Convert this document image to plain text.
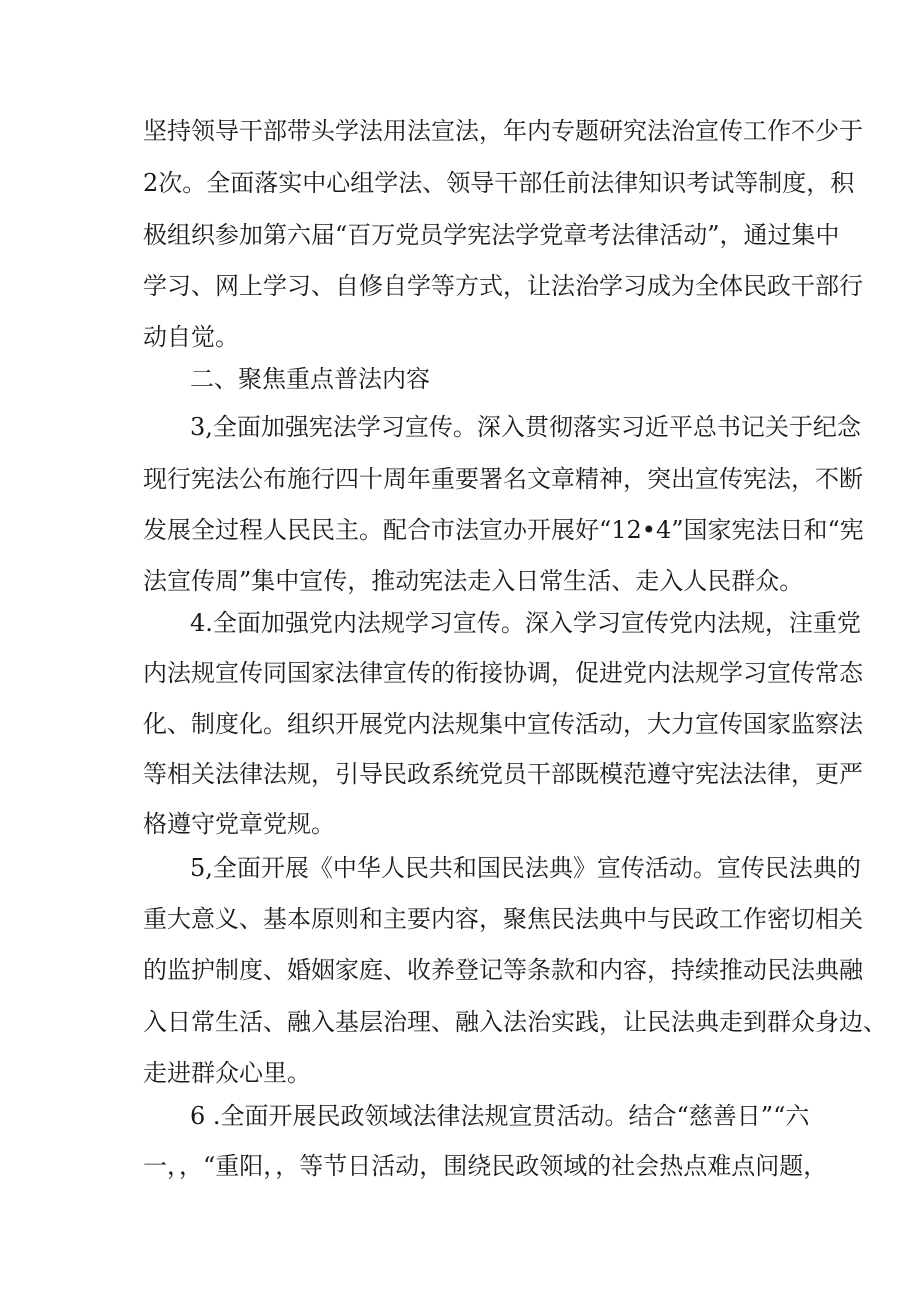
坚持领导干部带头学法用法宣法，年内专题研究法治宣传工作不少于
2次。全面落实中心组学法、领导干部任前法律知识考试等制度，积
极组织参加第六届“百万党员学宪法学党章考法律活动”，通过集中
学习、网上学习、自修自学等方式，让法治学习成为全体民政干部行
动自觉。
二、聚焦重点普法内容
3,全面加强宪法学习宣传。深入贯彻落实习近平总书记关于纪念
现行宪法公布施行四十周年重要署名文章精神，突出宣传宪法，不断
发展全过程人民民主。配合市法宣办开展好“12•4”国家宪法日和“宪
法宣传周”集中宣传，推动宪法走入日常生活、走入人民群众。
4.全面加强党内法规学习宣传。深入学习宣传党内法规，注重党
内法规宣传同国家法律宣传的衔接协调，促进党内法规学习宣传常态
化、制度化。组织开展党内法规集中宣传活动，大力宣传国家监察法
等相关法律法规，引导民政系统党员干部既模范遵守宪法法律，更严
格遵守党章党规。
5,全面开展《中华人民共和国民法典》宣传活动。宣传民法典的
重大意义、基本原则和主要内容，聚焦民法典中与民政工作密切相关
的监护制度、婚姻家庭、收养登记等条款和内容，持续推动民法典融
入日常生活、融入基层治理、融入法治实践，让民法典走到群众身边、
走进群众心里。
6 .全面开展民政领域法律法规宣贯活动。结合“慈善日”“六
一，，“重阳，，等节日活动，围绕民政领域的社会热点难点问题，
